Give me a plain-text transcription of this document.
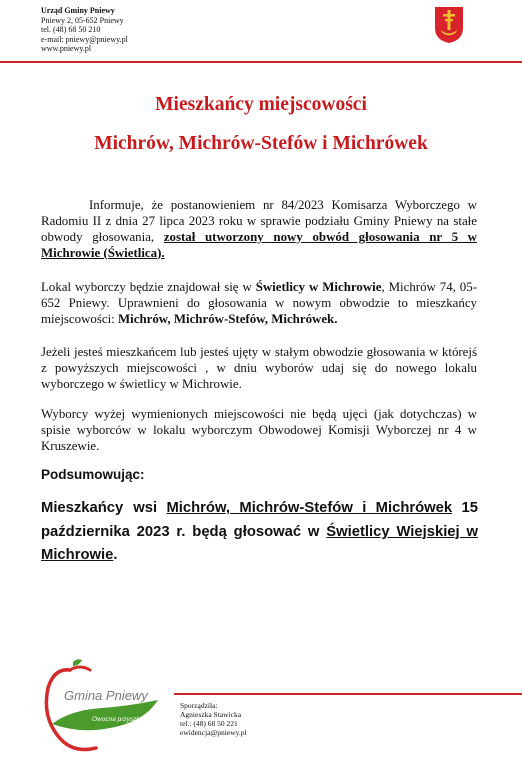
Urząd Gminy Pniewy
Pniewy 2, 05-652 Pniewy
tel. (48) 68 50 210
e-mail: pniewy@pniewy.pl
www.pniewy.pl
Mieszkańcy miejscowości
Michrów, Michrów-Stefów i Michrówek
Informuje, że postanowieniem nr 84/2023 Komisarza Wyborczego w Radomiu II z dnia 27 lipca 2023 roku w sprawie podziału Gminy Pniewy na stałe obwody głosowania, został utworzony nowy obwód głosowania nr 5 w Michrowie (Świetlica).
Lokal wyborczy będzie znajdował się w Świetlicy w Michrowie, Michrów 74, 05-652 Pniewy. Uprawnieni do głosowania w nowym obwodzie to mieszkańcy miejscowości: Michrów, Michrów-Stefów, Michrówek.
Jeżeli jesteś mieszkańcem lub jesteś ujęty w stałym obwodzie głosowania w którejś z powyższych miejscowości , w dniu wyborów udaj się do nowego lokalu wyborczego w świetlicy w Michrowie.
Wyborcy wyżej wymienionych miejscowości nie będą ujęci (jak dotychczas) w spisie wyborców w lokalu wyborczym Obwodowej Komisji Wyborczej nr 4 w Kruszewie.
Podsumowując:
Mieszkańcy wsi Michrów, Michrów-Stefów i Michrówek 15 października 2023 r. będą głosować w Świetlicy Wiejskiej w Michrowie.
Gmina Pniewy
Owocna przyszłość
Sporządziła:
Agnieszka Stawicka
tel.: (48) 68 50 221
ewidencja@pniewy.pl
